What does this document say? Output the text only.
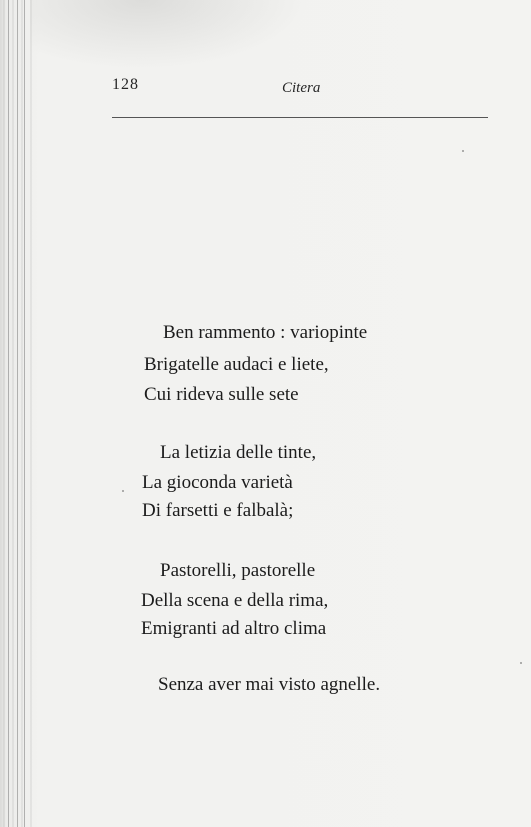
128	Citera
Ben rammento : variopinte
Brigatelle audaci e liete,
Cui rideva sulle sete
La letizia delle tinte,
La gioconda varietà
Di farsetti e falbalà;
Pastorelli, pastorelle
Della scena e della rima,
Emigranti ad altro clima
Senza aver mai visto agnelle.
